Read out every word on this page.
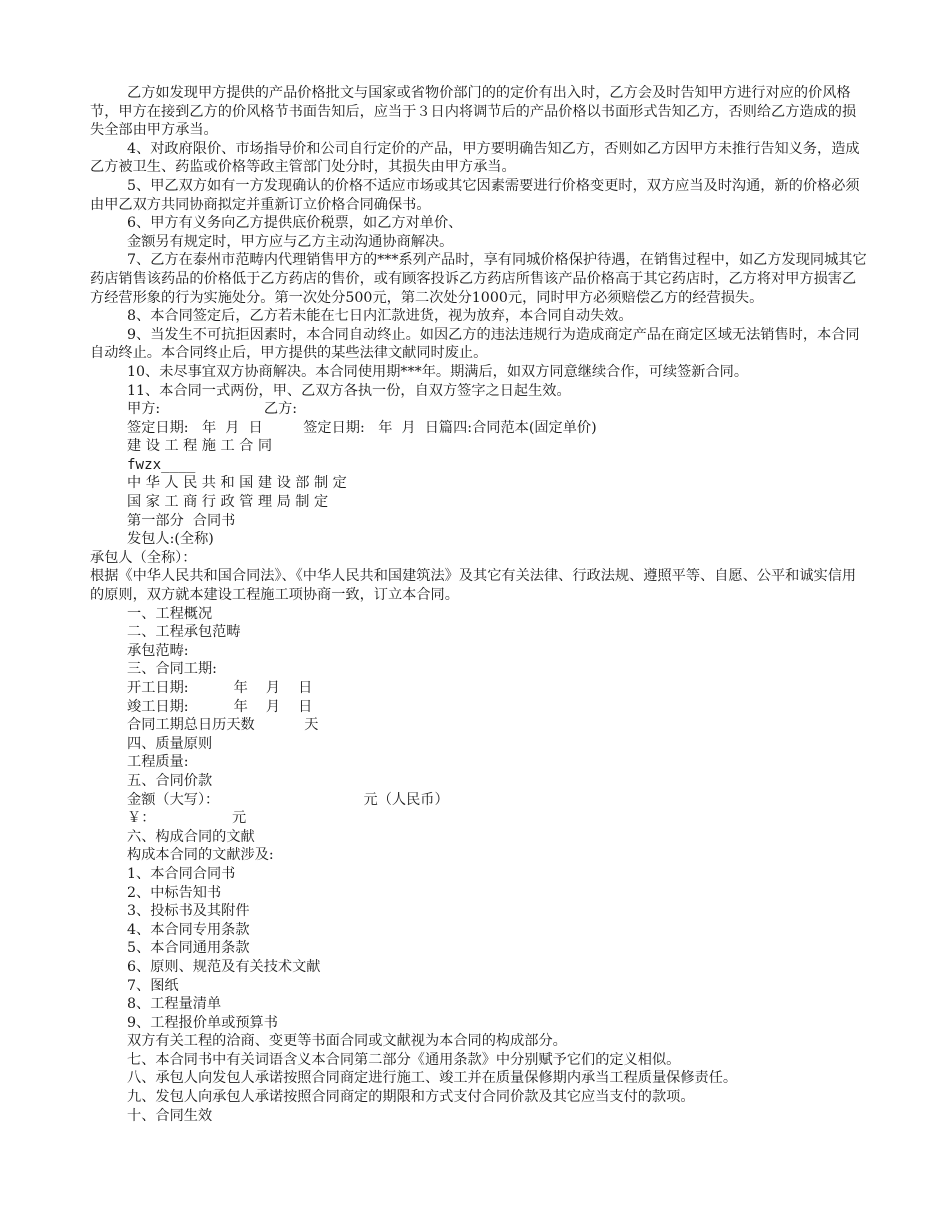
乙方如发现甲方提供的产品价格批文与国家或省物价部门的的定价有出入时，乙方会及时告知甲方进行对应的价风格节，甲方在接到乙方的价风格节书面告知后，应当于３日内将调节后的产品价格以书面形式告知乙方，否则给乙方造成的损失全部由甲方承当。

4、对政府限价、市场指导价和公司自行定价的产品，甲方要明确告知乙方，否则如乙方因甲方未推行告知义务，造成乙方被卫生、药监或价格等政主管部门处分时，其损失由甲方承当。

5、甲乙双方如有一方发现确认的价格不适应市场或其它因素需要进行价格变更时，双方应当及时沟通，新的价格必须由甲乙双方共同协商拟定并重新订立价格合同确保书。

6、甲方有义务向乙方提供底价税票，如乙方对单价、

金额另有规定时，甲方应与乙方主动沟通协商解决。

7、乙方在泰州市范畴内代理销售甲方的***系列产品时，享有同城价格保护待遇，在销售过程中，如乙方发现同城其它药店销售该药品的价格低于乙方药店的售价，或有顾客投诉乙方药店所售该产品价格高于其它药店时，乙方将对甲方损害乙方经营形象的行为实施处分。第一次处分500元，第二次处分1000元，同时甲方必须赔偿乙方的经营损失。

8、本合同签定后，乙方若未能在七日内汇款进货，视为放弃，本合同自动失效。

9、当发生不可抗拒因素时，本合同自动终止。如因乙方的违法违规行为造成商定产品在商定区域无法销售时，本合同自动终止。本合同终止后，甲方提供的某些法律文献同时废止。

10、未尽事宜双方协商解决。本合同使用期***年。期满后，如双方同意继续合作，可续签新合同。

11、本合同一式两份，甲、乙双方各执一份，自双方签字之日起生效。

甲方:                       乙方:

签定日期:   年  月  日         签定日期:   年  月  日篇四:合同范本(固定单价)

建 设 工 程 施 工 合 同

fwzx____

中 华 人 民 共 和 国 建 设 部 制 定

国 家 工 商 行 政 管 理 局 制 定

第一部分  合同书

发包人:(全称)

承包人（全称）：

根据《中华人民共和国合同法》、《中华人民共和国建筑法》及其它有关法律、行政法规、遵照平等、自愿、公平和诚实信用的原则，双方就本建设工程施工项协商一致，订立本合同。

一、工程概况

二、工程承包范畴

承包范畴:

三、合同工期:

开工日期:          年    月    日

竣工日期:          年    月    日

合同工期总日历天数           天

四、质量原则

工程质量:

五、合同价款

金额（大写）：                                元（人民币）

￥：                 元

六、构成合同的文献

构成本合同的文献涉及:

1、本合同合同书

2、中标告知书

3、投标书及其附件

4、本合同专用条款

5、本合同通用条款

6、原则、规范及有关技术文献

7、图纸

8、工程量清单

9、工程报价单或预算书

双方有关工程的洽商、变更等书面合同或文献视为本合同的构成部分。

七、本合同书中有关词语含义本合同第二部分《通用条款》中分别赋予它们的定义相似。

八、承包人向发包人承诺按照合同商定进行施工、竣工并在质量保修期内承当工程质量保修责任。

九、发包人向承包人承诺按照合同商定的期限和方式支付合同价款及其它应当支付的款项。

十、合同生效
